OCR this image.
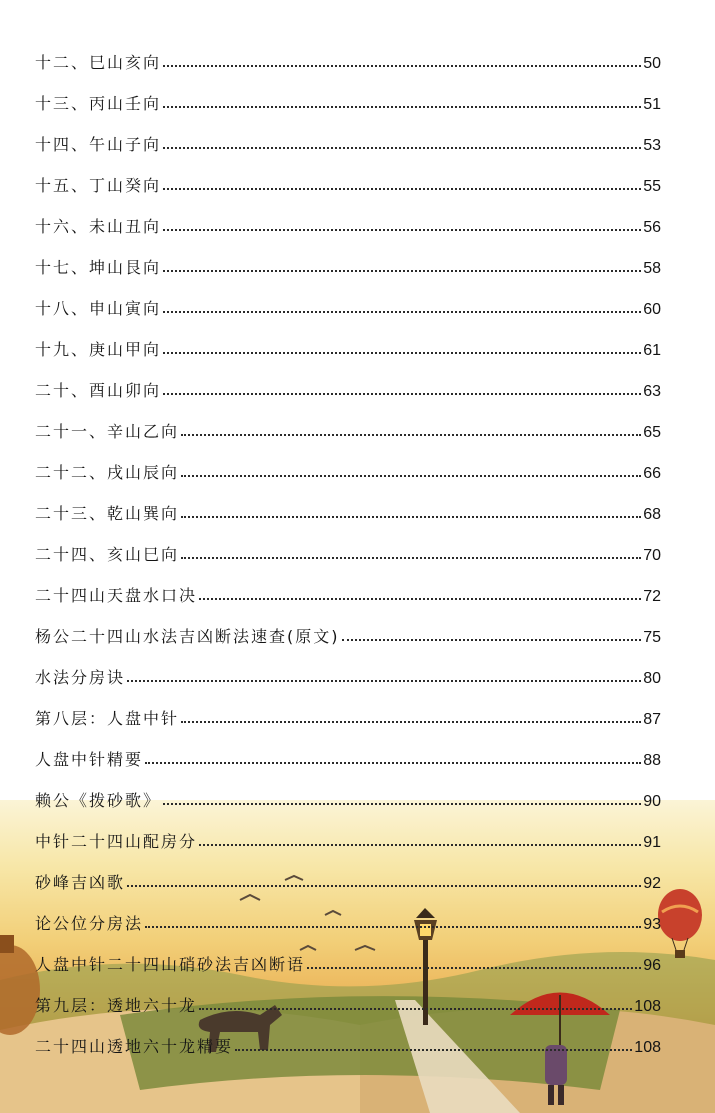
十二、巳山亥向	50
十三、丙山壬向	51
十四、午山子向	53
十五、丁山癸向	55
十六、未山丑向	56
十七、坤山艮向	58
十八、申山寅向	60
十九、庚山甲向	61
二十、酉山卯向	63
二十一、辛山乙向	65
二十二、戌山辰向	66
二十三、乾山巽向	68
二十四、亥山巳向	70
二十四山天盘水口决	72
杨公二十四山水法吉凶断法速查(原文)	75
水法分房诀	80
第八层：人盘中针	87
人盘中针精要	88
赖公《拨砂歌》	90
中针二十四山配房分	91
砂峰吉凶歌	92
论公位分房法	93
人盘中针二十四山硝砂法吉凶断语	96
第九层：透地六十龙	108
二十四山透地六十龙精要	108
